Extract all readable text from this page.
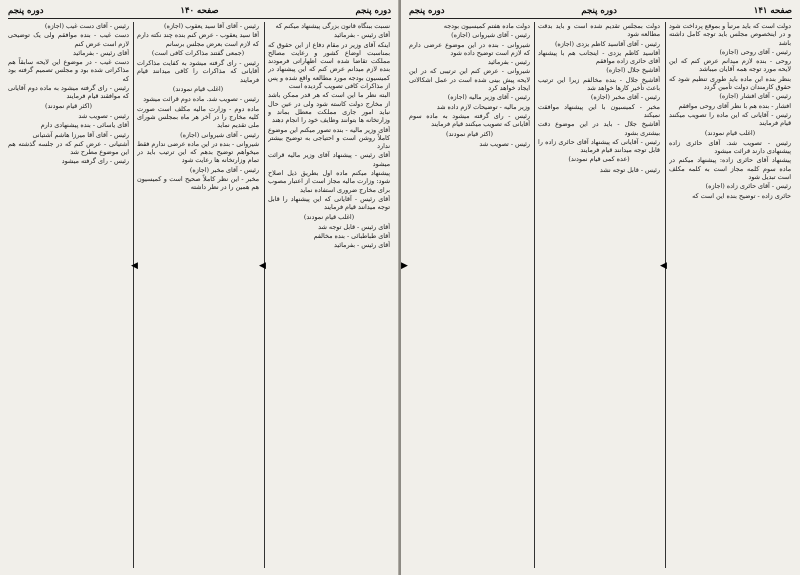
دوره پنجم
صفحه ۱۴۰
دوره پنجم

نسبت ببنگاه قانون بزرگی پیشنهاد میکنم که

آقای رئیس - بفرمائید

اینکه آقای وزیر در مقام دفاع از این حقوق که بمناسبت اوضاع کشور و رعایت مصالح مملکت تقاضا شده است اظهاراتی فرمودند بنده لازم میدانم عرض کنم که این پیشنهاد در کمیسیون بودجه مورد مطالعه واقع شده و پس از مذاکرات کافی تصویب گردیده است

البته نظر ما این است که هر قدر ممکن باشد از مخارج دولت کاسته شود ولی در عین حال نباید امور جاری مملکت معطل بماند و وزارتخانه ها بتوانند وظایف خود را انجام دهند

آقای وزیر مالیه - بنده تصور میکنم این موضوع کاملاً روشن است و احتیاجی به توضیح بیشتر ندارد

آقای رئیس - پیشنهاد آقای وزیر مالیه قرائت میشود

پیشنهاد میکنم ماده اول بطریق ذیل اصلاح شود: وزارت مالیه مجاز است از اعتبار مصوب برای مخارج ضروری استفاده نماید

آقای رئیس - آقایانی که این پیشنهاد را قابل توجه میدانند قیام فرمایند

(اغلب قیام نمودند)

آقای رئیس - قابل توجه شد

آقای طباطبائی - بنده مخالفم

آقای رئیس - بفرمائید

رئیس - آقای آقا سید یعقوب (اجازه)

آقا سید یعقوب - عرض کنم بنده چند نکته دارم که لازم است بعرض مجلس برسانم

(جمعی گفتند مذاکرات کافی است)

رئیس - رای گرفته میشود به کفایت مذاکرات آقایانی که مذاکرات را کافی میدانند قیام فرمایند

(اغلب قیام نمودند)

رئیس - تصویب شد. ماده دوم قرائت میشود

ماده دوم - وزارت مالیه مکلف است صورت کلیه مخارج را در آخر هر ماه بمجلس شورای ملی تقدیم نماید

رئیس - آقای شیروانی (اجازه)

شیروانی - بنده در این ماده عرضی ندارم فقط میخواهم توضیح بدهم که این ترتیب باید در تمام وزارتخانه ها رعایت شود

رئیس - آقای مخبر (اجازه)

مخبر - این نظر کاملاً صحیح است و کمیسیون هم همین را در نظر داشته

رئیس - آقای دست غیب (اجازه)

دست غیب - بنده موافقم ولی یک توضیحی لازم است عرض کنم

آقای رئیس - بفرمائید

دست غیب - در موضوع این لایحه سابقاً هم مذاکراتی شده بود و مجلس تصمیم گرفته بود که

رئیس - رای گرفته میشود به ماده دوم آقایانی که موافقند قیام فرمایند

(اکثر قیام نمودند)

رئیس - تصویب شد

آقای یاسائی - بنده پیشنهادی دارم

رئیس - آقای آقا میرزا هاشم آشتیانی

آشتیانی - عرض کنم که در جلسه گذشته هم این موضوع مطرح شد

رئیس - رای گرفته میشود

◀	◀
صفحه ۱۴۱
دوره پنجم
دوره پنجم

دولت است که باید مرتباً و بموقع پرداخت شود و در اینخصوص مجلس باید توجه کامل داشته باشد

رئیس - آقای روحی (اجازه)

روحی - بنده لازم میدانم عرض کنم که این لایحه مورد توجه همه آقایان میباشد

بنظر بنده این ماده باید طوری تنظیم شود که حقوق کارمندان دولت تأمین گردد

رئیس - آقای افشار (اجازه)

افشار - بنده هم با نظر آقای روحی موافقم

رئیس - آقایانی که این ماده را تصویب میکنند قیام فرمایند

(اغلب قیام نمودند)

رئیس - تصویب شد. آقای حائری زاده پیشنهادی دارند قرائت میشود

پیشنهاد آقای حائری زاده: پیشنهاد میکنم در ماده سوم کلمه مجاز است به کلمه مکلف است تبدیل شود

رئیس - آقای حائری زاده (اجازه)

حائری زاده - توضیح بنده این است که

دولت بمجلس تقدیم شده است و باید بدقت مطالعه شود

رئیس - آقای آقاسید کاظم یزدی (اجازه)

آقاسید کاظم یزدی - اینجانب هم با پیشنهاد آقای حائری زاده موافقم

آقاشیخ جلال (اجازه)

آقاشیخ جلال - بنده مخالفم زیرا این ترتیب باعث تأخیر کارها خواهد شد

رئیس - آقای مخبر (اجازه)

مخبر - کمیسیون با این پیشنهاد موافقت نمیکند

آقاشیخ جلال - باید در این موضوع دقت بیشتری بشود

رئیس - آقایانی که پیشنهاد آقای حائری زاده را قابل توجه میدانند قیام فرمایند

(عده کمی قیام نمودند)

رئیس - قابل توجه نشد

دولت ماده هفتم کمیسیون بودجه

رئیس - آقای شیروانی (اجازه)

شیروانی - بنده در این موضوع عرضی دارم که لازم است توضیح داده شود

رئیس - بفرمائید

شیروانی - عرض کنم این ترتیبی که در این لایحه پیش بینی شده است در عمل اشکالاتی ایجاد خواهد کرد

رئیس - آقای وزیر مالیه (اجازه)

وزیر مالیه - توضیحات لازم داده شد

رئیس - رای گرفته میشود به ماده سوم آقایانی که تصویب میکنند قیام فرمایند

(اکثر قیام نمودند)

رئیس - تصویب شد

▶	◀
